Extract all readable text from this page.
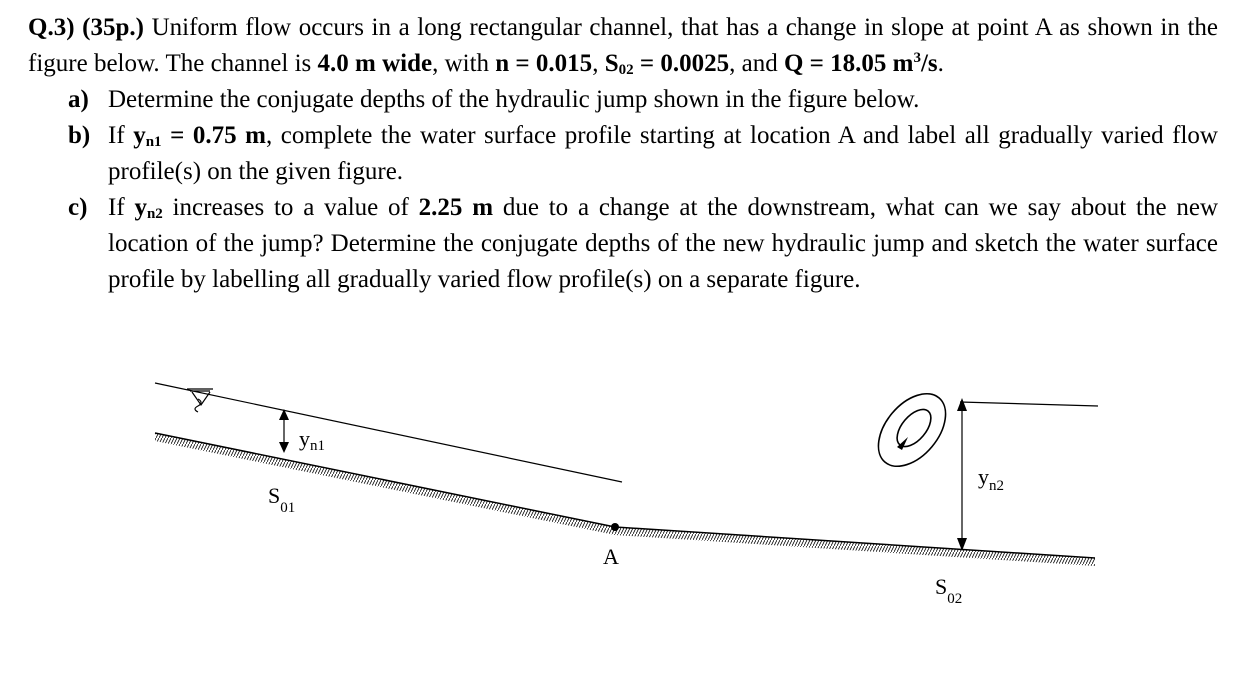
Q.3) (35p.) Uniform flow occurs in a long rectangular channel, that has a change in slope at point A as shown in the figure below. The channel is 4.0 m wide, with n = 0.015, $S_{02} = 0.0025$, and Q = 18.05 $m^3/s$.
a) Determine the conjugate depths of the hydraulic jump shown in the figure below.
b) If $y_{n1} = 0.75$ m, complete the water surface profile starting at location A and label all gradually varied flow profile(s) on the given figure.
c) If $y_{n2}$ increases to a value of 2.25 m due to a change at the downstream, what can we say about the new location of the jump? Determine the conjugate depths of the new hydraulic jump and sketch the water surface profile by labelling all gradually varied flow profile(s) on a separate figure.
yn1
$S_{01}$
A
$y_{n2}$
$S_{02}$
